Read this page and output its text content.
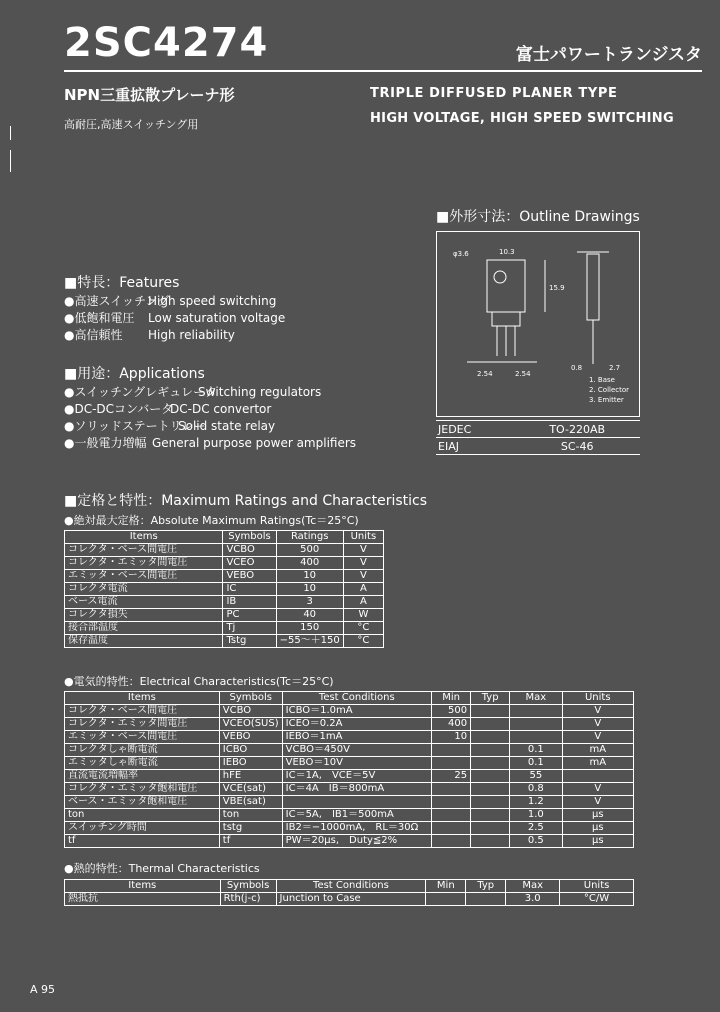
2SC4274	富士パワートランジスタ
NPN三重拡散プレーナ形
高耐圧,高速スイッチング用
TRIPLE DIFFUSED PLANER TYPE
HIGH VOLTAGE, HIGH SPEED SWITCHING
■特長：Features
●高速スイッチングHigh speed switching
●低飽和電圧 Low saturation voltage
●高信頼性 High reliability
■用途：Applications
●スイッチングレギュレータSwitching regulators
●DC-DCコンバータDC-DC convertor
●ソリッドステートリレーSolid state relay
●一般電力増幅 General purpose power amplifiers
■外形寸法：Outline Drawings
φ3.6	10.3
15.9
2.54	2.54
0.8	2.7
1. Base
2. Collector
3. Emitter
JEDEC	TO-220AB
EIAJ	SC-46
■定格と特性：Maximum Ratings and Characteristics
●絶対最大定格：Absolute Maximum Ratings(Tc＝25°C)
Items	Symbols	Ratings	Units
コレクタ・ベース間電圧	VCBO	500	V
コレクタ・エミッタ間電圧	VCEO	400	V
エミッタ・ベース間電圧	VEBO	10	V
コレクタ電流	IC	10	A
ベース電流	IB	3	A
コレクタ損失	PC	40	W
接合部温度	Tj	150	°C
保存温度	Tstg	−55〜＋150	°C
●電気的特性：Electrical Characteristics(Tc＝25°C)
Items	Symbols	Test Conditions	Min	Typ	Max	Units
コレクタ・ベース間電圧	VCBO	ICBO＝1.0mA	500			V
コレクタ・エミッタ間電圧	VCEO(SUS)	ICEO＝0.2A	400			V
エミッタ・ベース間電圧	VEBO	IEBO＝1mA	10			V
コレクタしゃ断電流	ICBO	VCBO＝450V			0.1	mA
エミッタしゃ断電流	IEBO	VEBO＝10V			0.1	mA
直流電流増幅率	hFE	IC＝1A,　VCE＝5V	25		55	
コレクタ・エミッタ飽和電圧	VCE(sat)	IC＝4A　IB＝800mA			0.8	V
ベース・エミッタ飽和電圧	VBE(sat)				1.2	V
ton	ton	IC＝5A,　IB1＝500mA			1.0	μs
スイッチング時間	tstg	IB2＝−1000mA,　RL＝30Ω			2.5	μs
tf	tf	PW＝20μs,　Duty≦2%			0.5	μs
●熱的特性：Thermal Characteristics
Items	Symbols	Test Conditions	Min	Typ	Max	Units
熱抵抗	Rth(j-c)	Junction to Case			3.0	°C/W
A 95
